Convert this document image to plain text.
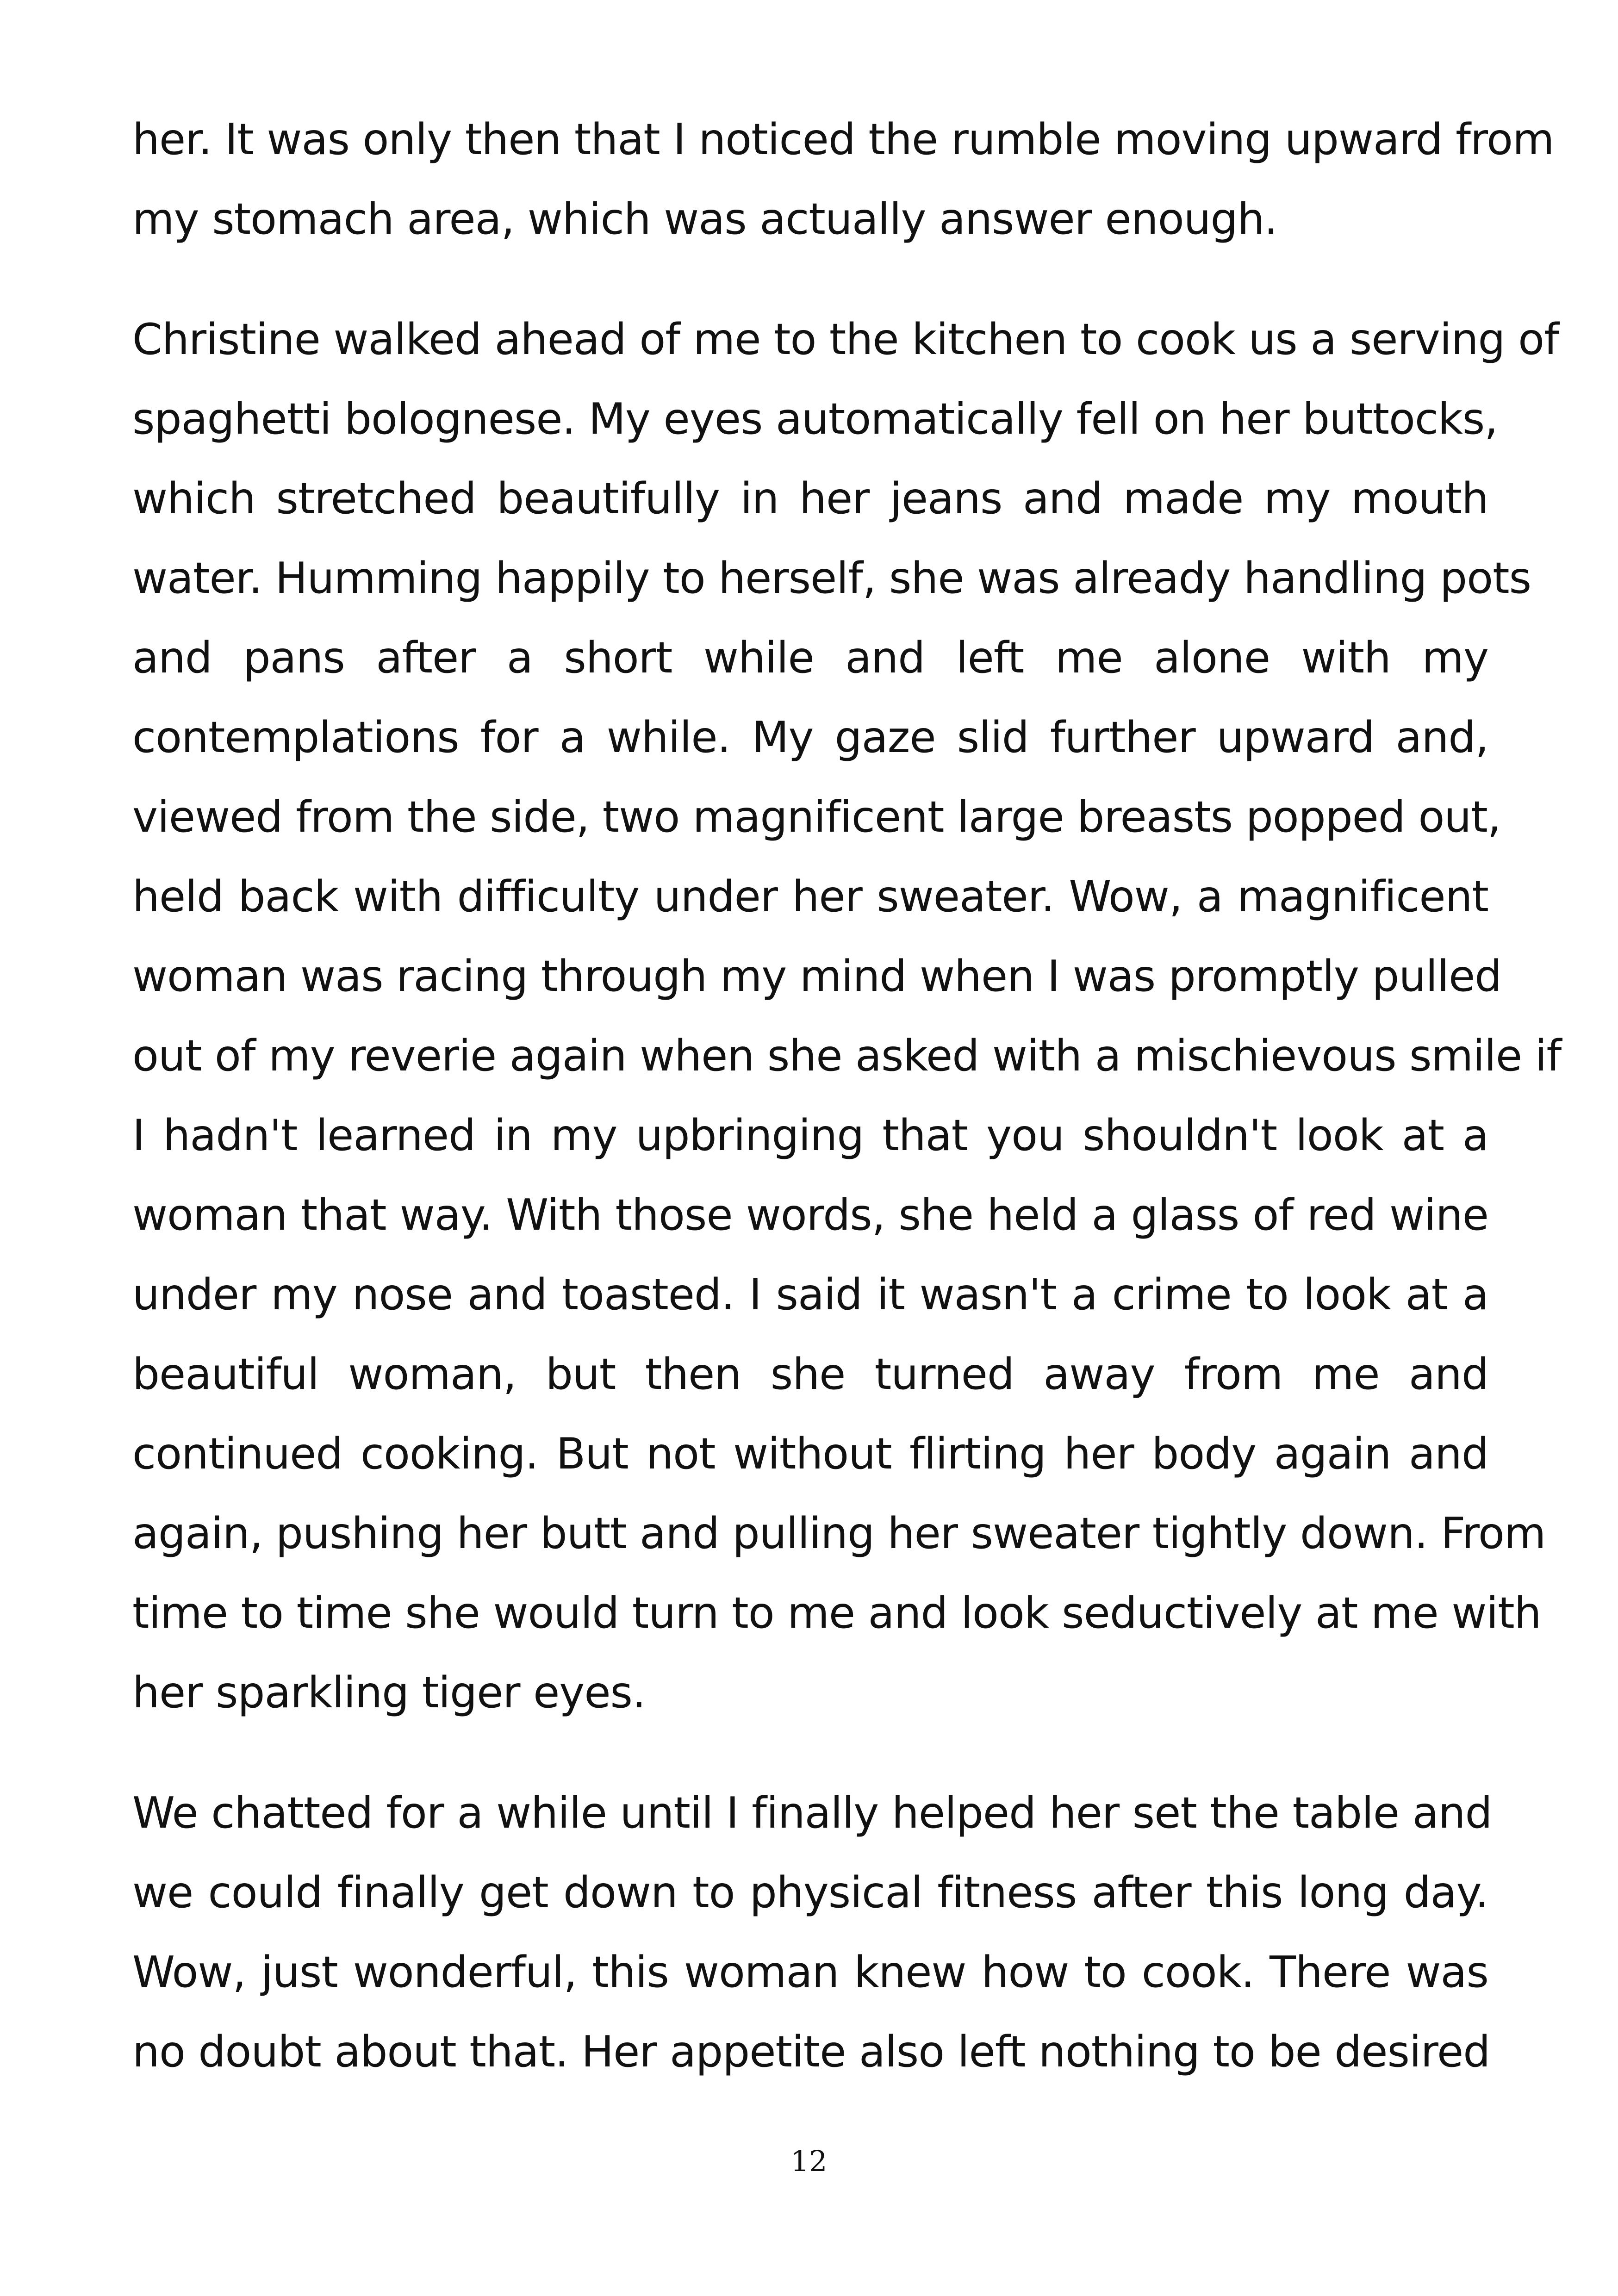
her. It was only then that I noticed the rumble moving upward from
my stomach area, which was actually answer enough.
Christine walked ahead of me to the kitchen to cook us a serving of
spaghetti bolognese. My eyes automatically fell on her buttocks,
which stretched beautifully in her jeans and made my mouth
water. Humming happily to herself, she was already handling pots
and pans after a short while and left me alone with my
contemplations for a while. My gaze slid further upward and,
viewed from the side, two magnificent large breasts popped out,
held back with difficulty under her sweater. Wow, a magnificent
woman was racing through my mind when I was promptly pulled
out of my reverie again when she asked with a mischievous smile if
I hadn't learned in my upbringing that you shouldn't look at a
woman that way. With those words, she held a glass of red wine
under my nose and toasted. I said it wasn't a crime to look at a
beautiful woman, but then she turned away from me and
continued cooking. But not without flirting her body again and
again, pushing her butt and pulling her sweater tightly down. From
time to time she would turn to me and look seductively at me with
her sparkling tiger eyes.
We chatted for a while until I finally helped her set the table and
we could finally get down to physical fitness after this long day.
Wow, just wonderful, this woman knew how to cook. There was
no doubt about that. Her appetite also left nothing to be desired
12
